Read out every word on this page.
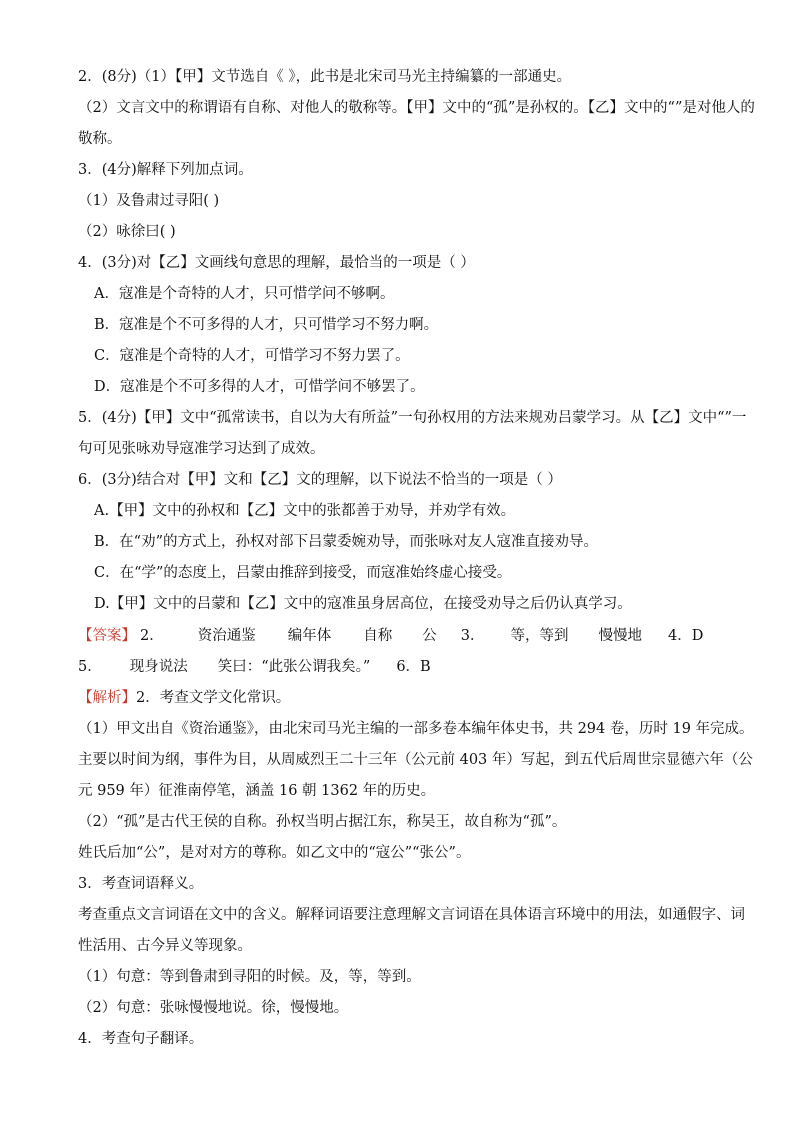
2．(8分)（1）【甲】文节选自《 》，此书是北宋司马光主持编纂的一部通史。
（2）文言文中的称谓语有自称、对他人的敬称等。【甲】文中的“孤”是孙权的。【乙】文中的“”是对他人的
敬称。
3．(4分)解释下列加点词。
（1）及鲁肃过寻阳( )
（2）咏徐曰( )
4．(3分)对【乙】文画线句意思的理解，最恰当的一项是（ ）
A．寇准是个奇特的人才，只可惜学问不够啊。
B．寇准是个不可多得的人才，只可惜学习不努力啊。
C．寇准是个奇特的人才，可惜学习不努力罢了。
D．寇准是个不可多得的人才，可惜学问不够罢了。
5．(4分)【甲】文中“孤常读书，自以为大有所益”一句孙权用的方法来规劝吕蒙学习。从【乙】文中“”一
句可见张咏劝导寇准学习达到了成效。
6．(3分)结合对【甲】文和【乙】文的理解，以下说法不恰当的一项是（ ）
A.【甲】文中的孙权和【乙】文中的张都善于劝导，并劝学有效。
B．在“劝”的方式上，孙权对部下吕蒙委婉劝导，而张咏对友人寇准直接劝导。
C．在“学”的态度上，吕蒙由推辞到接受，而寇准始终虚心接受。
D.【甲】文中的吕蒙和【乙】文中的寇准虽身居高位，在接受劝导之后仍认真学习。
【答案】 2． 资治通鉴 编年体 自称 公 3． 等，等到 慢慢地 4．D
5． 现身说法 笑曰：“此张公谓我矣。” 6．B
【解析】2．考查文学文化常识。
（1）甲文出自《资治通鉴》，由北宋司马光主编的一部多卷本编年体史书，共 294 卷，历时 19 年完成。
主要以时间为纲，事件为目，从周威烈王二十三年（公元前 403 年）写起，到五代后周世宗显德六年（公
元 959 年）征淮南停笔，涵盖 16 朝 1362 年的历史。
（2）“孤”是古代王侯的自称。孙权当明占据江东，称吴王，故自称为“孤”。
姓氏后加“公”，是对对方的尊称。如乙文中的“寇公”“张公”。
3．考查词语释义。
考查重点文言词语在文中的含义。解释词语要注意理解文言词语在具体语言环境中的用法，如通假字、词
性活用、古今异义等现象。
（1）句意：等到鲁肃到寻阳的时候。及，等，等到。
（2）句意：张咏慢慢地说。徐，慢慢地。
4．考查句子翻译。
